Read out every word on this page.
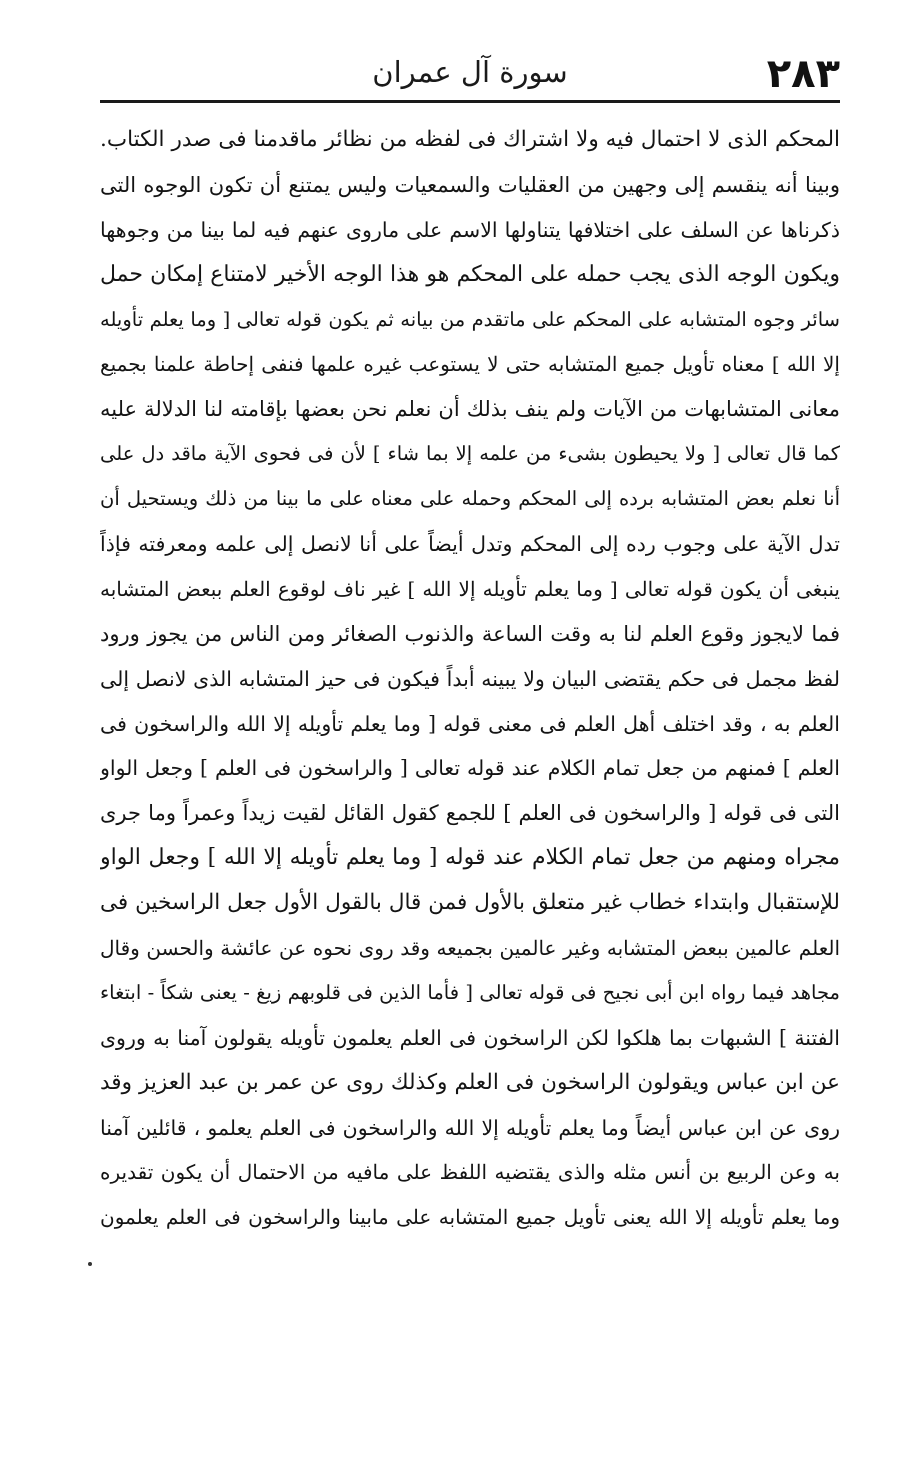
٢٨٣
سورة آل عمران
المحكم الذى لا احتمال فيه ولا اشتراك فى لفظه من نظائر ماقدمنا فى صدر الكتاب.
وبينا أنه ينقسم إلى وجهين من العقليات والسمعيات وليس يمتنع أن تكون الوجوه التى
ذكرناها عن السلف على اختلافها يتناولها الاسم على ماروى عنهم فيه لما بينا من وجوهها
ويكون الوجه الذى يجب حمله على المحكم هو هذا الوجه الأخير لامتناع إمكان حمل
سائر وجوه المتشابه على المحكم على ماتقدم من بيانه ثم يكون قوله تعالى [ وما يعلم تأويله
إلا الله ] معناه تأويل جميع المتشابه حتى لا يستوعب غيره علمها فنفى إحاطة علمنا بجميع
معانى المتشابهات من الآيات ولم ينف بذلك أن نعلم نحن بعضها بإقامته لنا الدلالة عليه
كما قال تعالى [ ولا يحيطون بشىء من علمه إلا بما شاء ] لأن فى فحوى الآية ماقد دل على
أنا نعلم بعض المتشابه برده إلى المحكم وحمله على معناه على ما بينا من ذلك ويستحيل أن
تدل الآية على وجوب رده إلى المحكم وتدل أيضاً على أنا لانصل إلى علمه ومعرفته فإذاً
ينبغى أن يكون قوله تعالى [ وما يعلم تأويله إلا الله ] غير ناف لوقوع العلم ببعض المتشابه
فما لايجوز وقوع العلم لنا به وقت الساعة والذنوب الصغائر ومن الناس من يجوز ورود
لفظ مجمل فى حكم يقتضى البيان ولا يبينه أبداً فيكون فى حيز المتشابه الذى لانصل إلى
العلم به ، وقد اختلف أهل العلم فى معنى قوله [ وما يعلم تأويله إلا الله والراسخون فى
العلم ] فمنهم من جعل تمام الكلام عند قوله تعالى [ والراسخون فى العلم ] وجعل الواو
التى فى قوله [ والراسخون فى العلم ] للجمع كقول القائل لقيت زيداً وعمراً وما جرى
مجراه ومنهم من جعل تمام الكلام عند قوله [ وما يعلم تأويله إلا الله ] وجعل الواو
للإستقبال وابتداء خطاب غير متعلق بالأول فمن قال بالقول الأول جعل الراسخين فى
العلم عالمين ببعض المتشابه وغير عالمين بجميعه وقد روى نحوه عن عائشة والحسن وقال
مجاهد فيما رواه ابن أبى نجيح فى قوله تعالى [ فأما الذين فى قلوبهم زيغ - يعنى شكاً - ابتغاء
الفتنة ] الشبهات بما هلكوا لكن الراسخون فى العلم يعلمون تأويله يقولون آمنا به وروى
عن ابن عباس ويقولون الراسخون فى العلم وكذلك روى عن عمر بن عبد العزيز وقد
روى عن ابن عباس أيضاً وما يعلم تأويله إلا الله والراسخون فى العلم يعلمو ، قائلين آمنا
به وعن الربيع بن أنس مثله والذى يقتضيه اللفظ على مافيه من الاحتمال أن يكون تقديره
وما يعلم تأويله إلا الله يعنى تأويل جميع المتشابه على مابينا والراسخون فى العلم يعلمون
